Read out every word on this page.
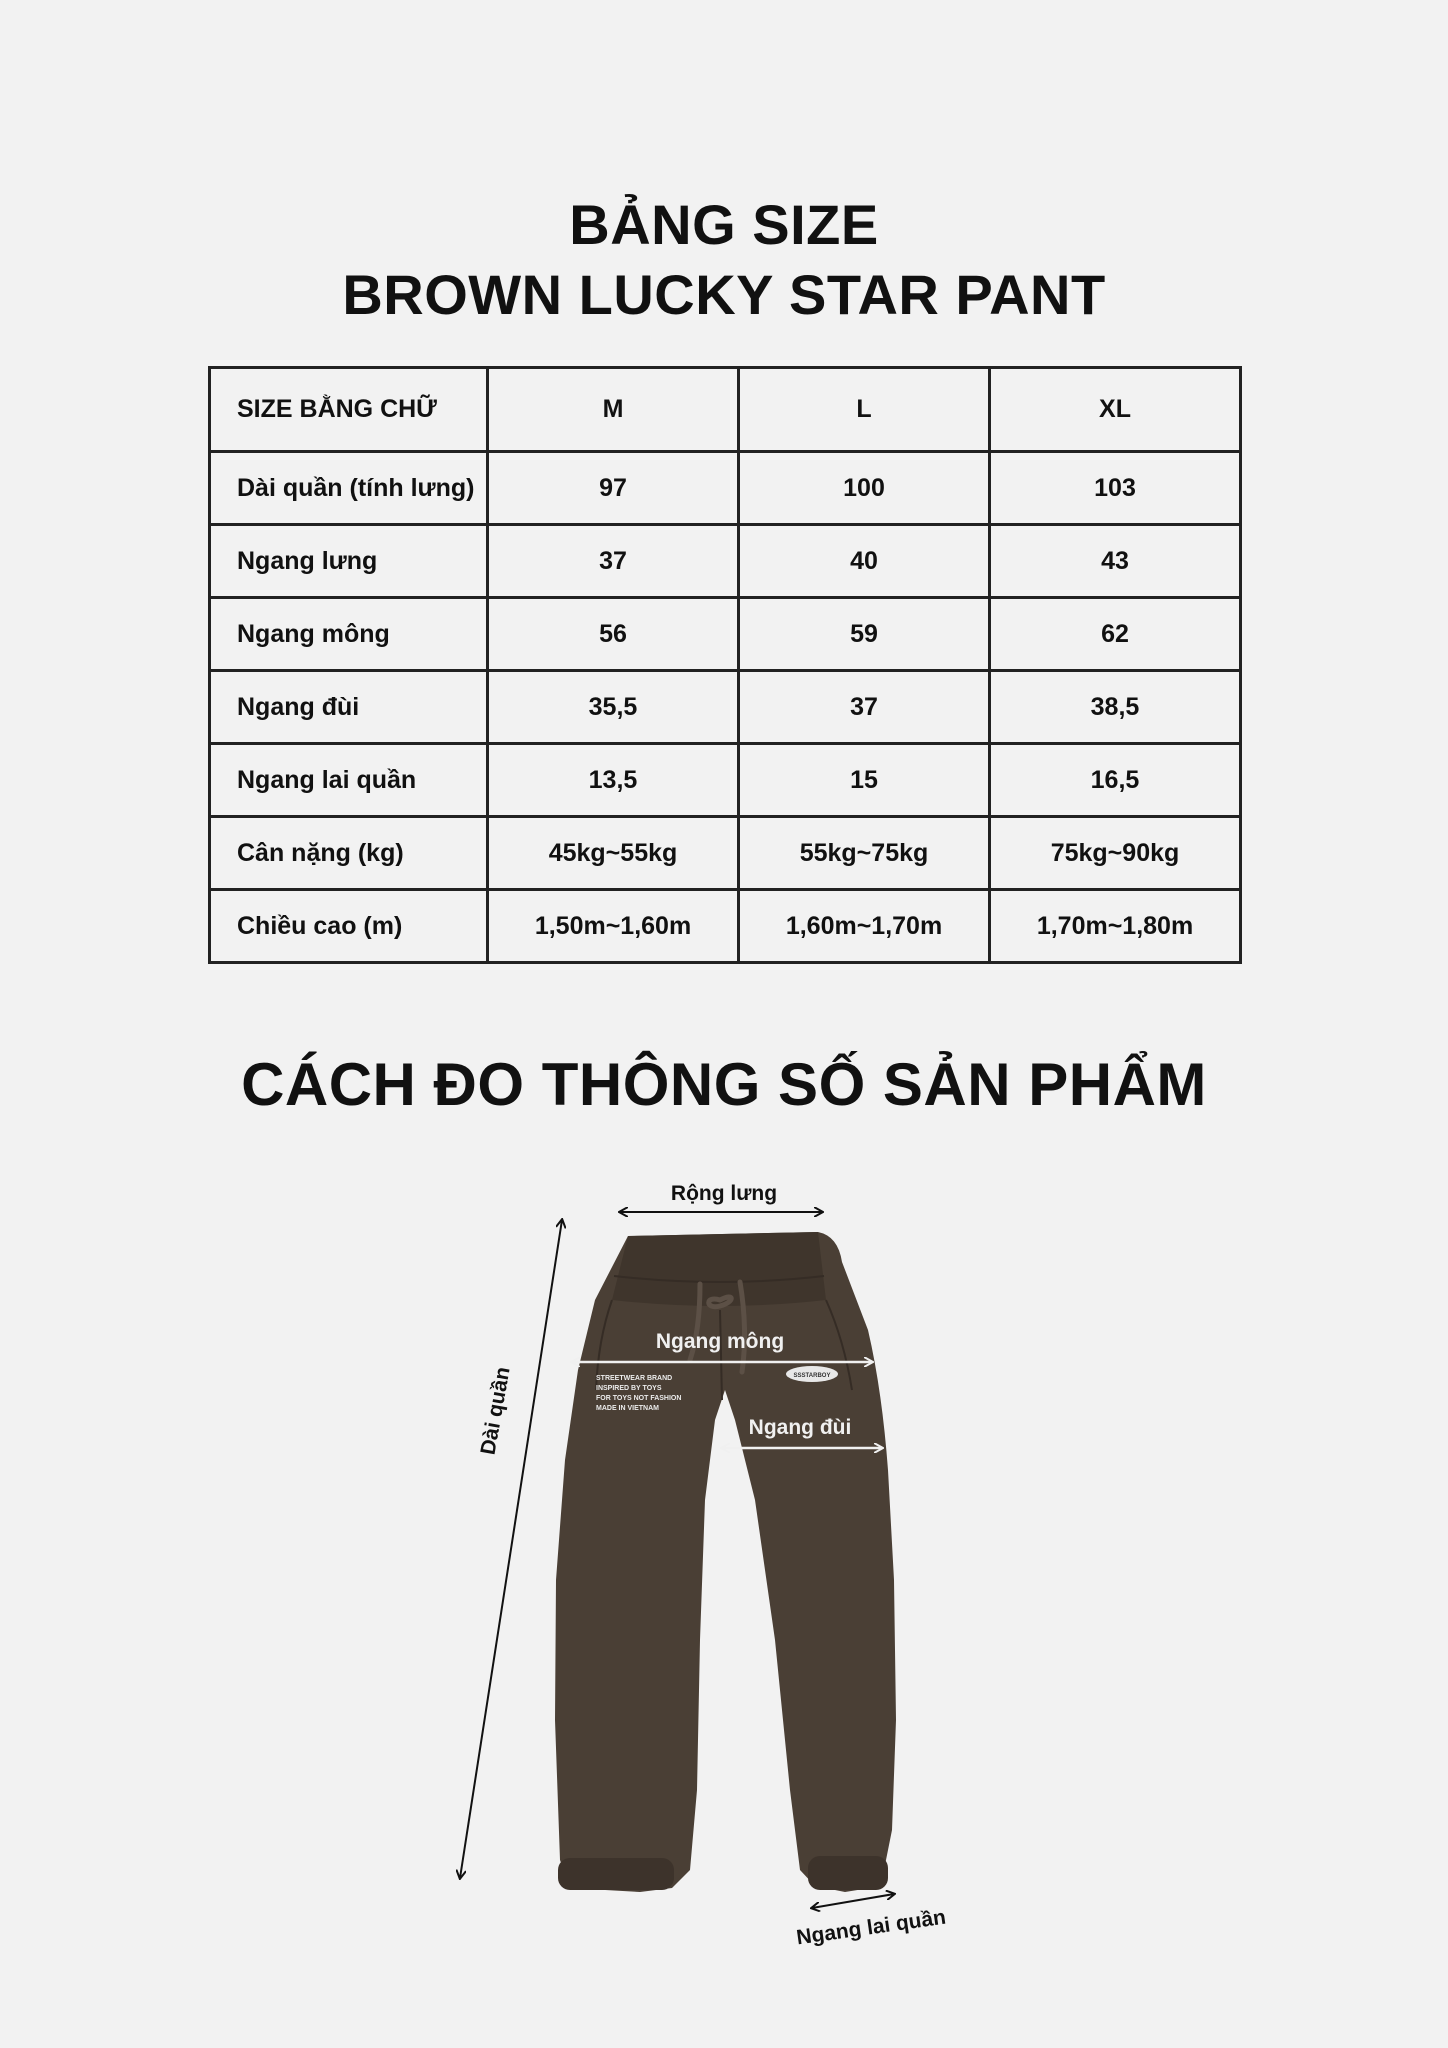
BẢNG SIZE
BROWN LUCKY STAR PANT
SIZE BẰNG CHỮ	M	L	XL
Dài quần (tính lưng)	97	100	103
Ngang lưng	37	40	43
Ngang mông	56	59	62
Ngang đùi	35,5	37	38,5
Ngang lai quần	13,5	15	16,5
Cân nặng (kg)	45kg~55kg	55kg~75kg	75kg~90kg
Chiều cao (m)	1,50m~1,60m	1,60m~1,70m	1,70m~1,80m
CÁCH ĐO THÔNG SỐ SẢN PHẨM
SSSTARBOY
STREETWEAR BRAND
INSPIRED BY TOYS
FOR TOYS NOT FASHION
MADE IN VIETNAM
Rộng lưng
Ngang mông
Ngang đùi
Dài quần
Ngang lai quần
